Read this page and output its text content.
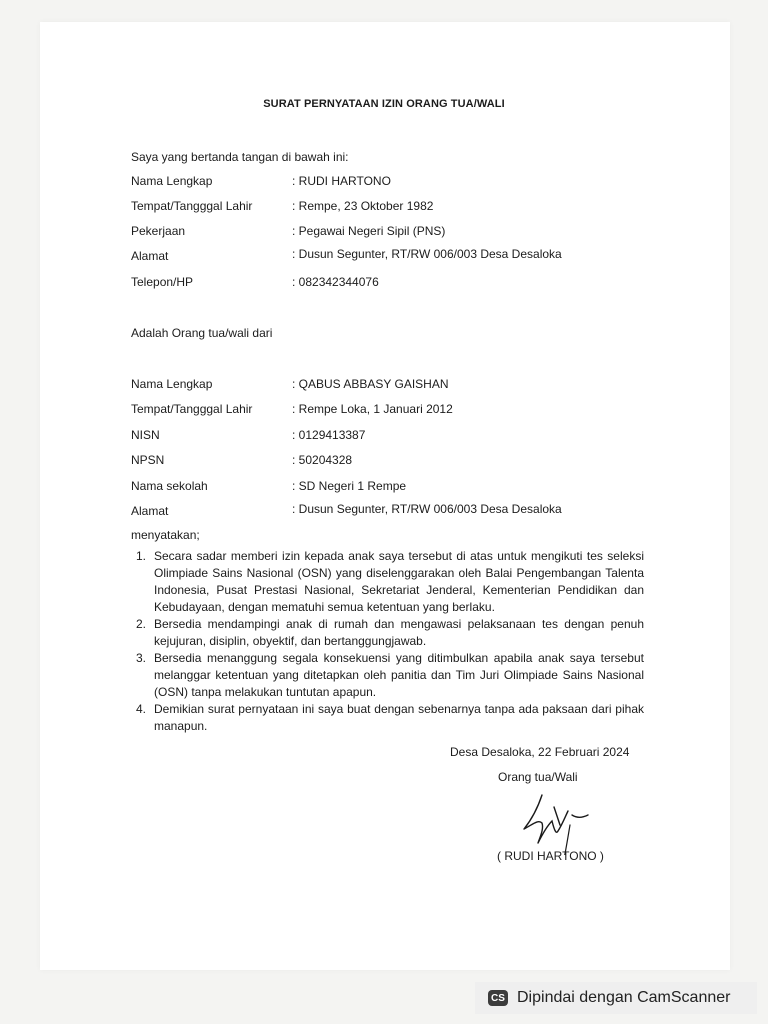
SURAT PERNYATAAN IZIN ORANG TUA/WALI
Saya yang bertanda tangan di bawah ini:
Nama Lengkap	: RUDI HARTONO
Tempat/Tangggal Lahir	: Rempe, 23 Oktober 1982
Pekerjaan	: Pegawai Negeri Sipil (PNS)
Alamat	: Dusun Segunter, RT/RW 006/003 Desa Desaloka
Telepon/HP	: 082342344076
Adalah Orang tua/wali dari
Nama Lengkap	: QABUS ABBASY GAISHAN
Tempat/Tangggal Lahir	: Rempe Loka, 1 Januari 2012
NISN	: 0129413387
NPSN	: 50204328
Nama sekolah	: SD Negeri 1 Rempe
Alamat	: Dusun Segunter, RT/RW 006/003 Desa Desaloka
menyatakan;
1. Secara sadar memberi izin kepada anak saya tersebut di atas untuk mengikuti tes seleksi Olimpiade Sains Nasional (OSN) yang diselenggarakan oleh Balai Pengembangan Talenta Indonesia, Pusat Prestasi Nasional, Sekretariat Jenderal, Kementerian Pendidikan dan Kebudayaan, dengan mematuhi semua ketentuan yang berlaku.
2. Bersedia mendampingi anak di rumah dan mengawasi pelaksanaan tes dengan penuh kejujuran, disiplin, obyektif, dan bertanggungjawab.
3. Bersedia menanggung segala konsekuensi yang ditimbulkan apabila anak saya tersebut melanggar ketentuan yang ditetapkan oleh panitia dan Tim Juri Olimpiade Sains Nasional (OSN) tanpa melakukan tuntutan apapun.
4. Demikian surat pernyataan ini saya buat dengan sebenarnya tanpa ada paksaan dari pihak manapun.
Desa Desaloka, 22 Februari 2024
Orang tua/Wali
( RUDI HARTONO )
CS Dipindai dengan CamScanner
